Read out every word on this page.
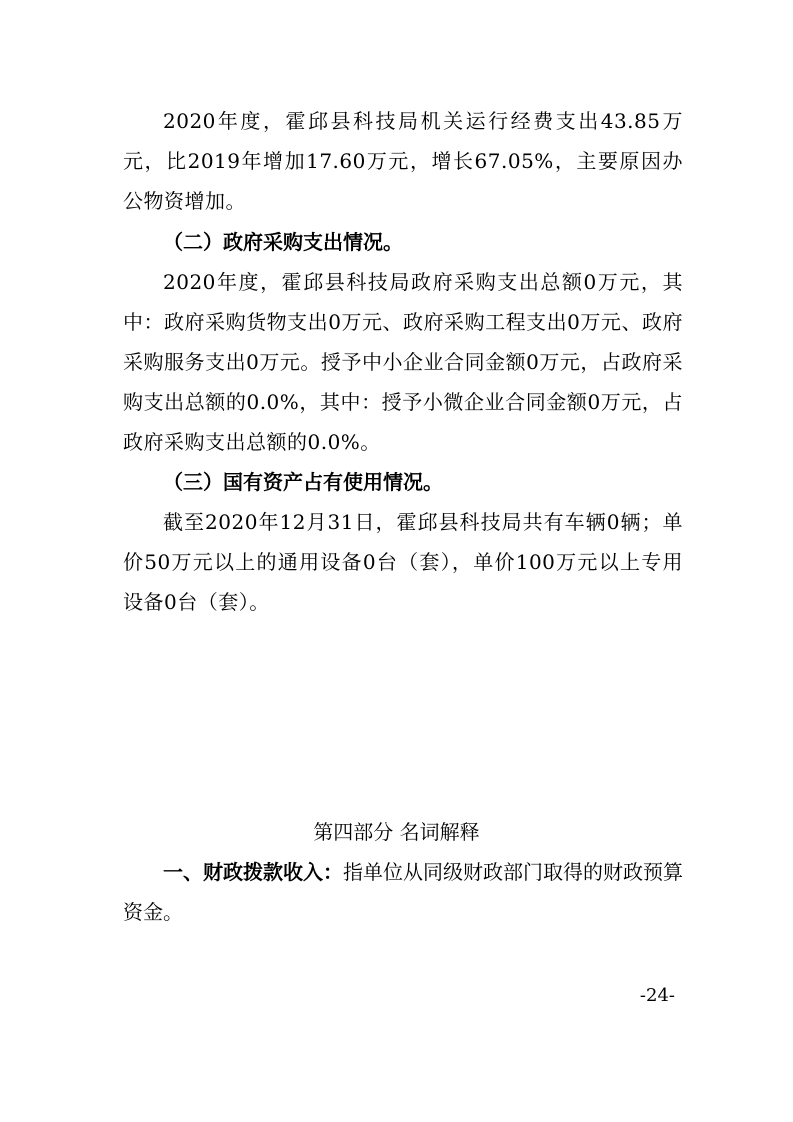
2020年度，霍邱县科技局机关运行经费支出43.85万元，比2019年增加17.60万元，增长67.05%，主要原因办公物资增加。

（二）政府采购支出情况。

2020年度，霍邱县科技局政府采购支出总额0万元，其中：政府采购货物支出0万元、政府采购工程支出0万元、政府采购服务支出0万元。授予中小企业合同金额0万元，占政府采购支出总额的0.0%，其中：授予小微企业合同金额0万元，占政府采购支出总额的0.0%。

（三）国有资产占有使用情况。

截至2020年12月31日，霍邱县科技局共有车辆0辆；单价50万元以上的通用设备0台（套），单价100万元以上专用设备0台（套）。

第四部分 名词解释

一、财政拨款收入：指单位从同级财政部门取得的财政预算资金。

-24-
